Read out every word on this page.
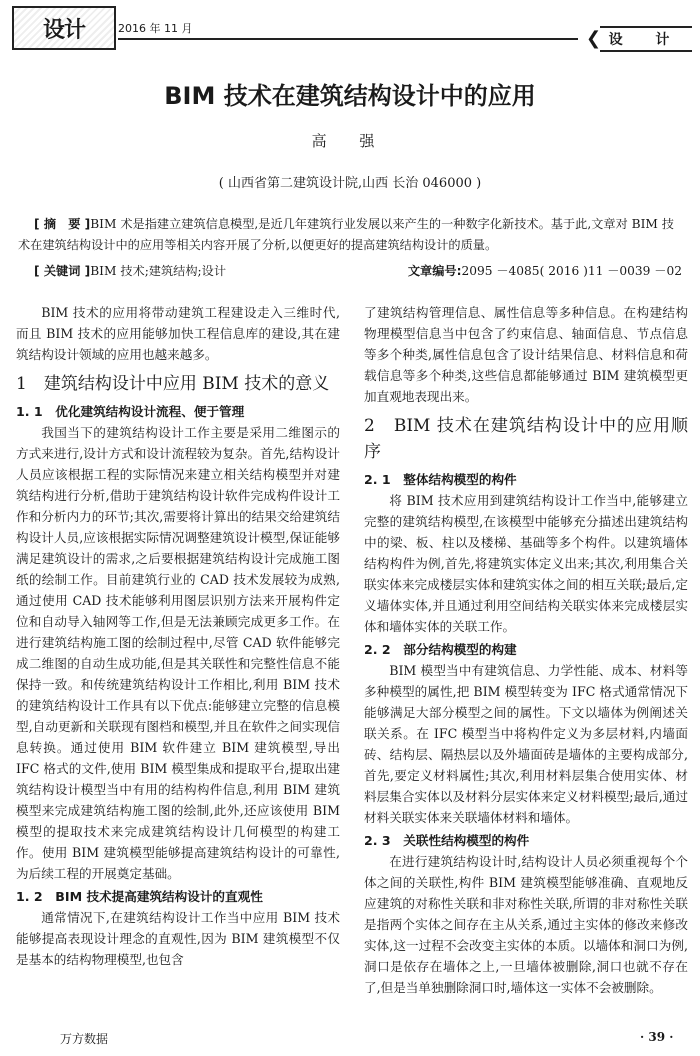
设计	2016 年 11 月	❮ 设 计
BIM 技术在建筑结构设计中的应用
高 强
( 山西省第二建筑设计院,山西 长治 046000 )
[ 摘　要 ]BIM 术是指建立建筑信息模型,是近几年建筑行业发展以来产生的一种数字化新技术。基于此,文章对 BIM 技术在建筑结构设计中的应用等相关内容开展了分析,以便更好的提高建筑结构设计的质量。
[ 关键词 ]BIM 技术;建筑结构;设计	文章编号:2095 －4085( 2016 )11 －0039 －02

BIM 技术的应用将带动建筑工程建设走入三维时代,而且 BIM 技术的应用能够加快工程信息库的建设,其在建筑结构设计领域的应用也越来越多。

1　建筑结构设计中应用 BIM 技术的意义
1. 1　优化建筑结构设计流程、便于管理

我国当下的建筑结构设计工作主要是采用二维图示的方式来进行,设计方式和设计流程较为复杂。首先,结构设计人员应该根据工程的实际情况来建立相关结构模型并对建筑结构进行分析,借助于建筑结构设计软件完成构件设计工作和分析内力的环节;其次,需要将计算出的结果交给建筑结构设计人员,应该根据实际情况调整建筑设计模型,保证能够满足建筑设计的需求,之后要根据建筑结构设计完成施工图纸的绘制工作。目前建筑行业的 CAD 技术发展较为成熟,通过使用 CAD 技术能够利用图层识别方法来开展构件定位和自动导入轴网等工作,但是无法兼顾完成更多工作。在进行建筑结构施工图的绘制过程中,尽管 CAD 软件能够完成二维图的自动生成功能,但是其关联性和完整性信息不能保持一致。和传统建筑结构设计工作相比,利用 BIM 技术的建筑结构设计工作具有以下优点:能够建立完整的信息模型,自动更新和关联现有图档和模型,并且在软件之间实现信息转换。通过使用 BIM 软件建立 BIM 建筑模型,导出 IFC 格式的文件,使用 BIM 模型集成和提取平台,提取出建筑结构设计模型当中有用的结构构件信息,利用 BIM 建筑模型来完成建筑结构施工图的绘制,此外,还应该使用 BIM 模型的提取技术来完成建筑结构设计几何模型的构建工作。使用 BIM 建筑模型能够提高建筑结构设计的可靠性,为后续工程的开展奠定基础。

1. 2　BIM 技术提高建筑结构设计的直观性

通常情况下,在建筑结构设计工作当中应用 BIM 技术能够提高表现设计理念的直观性,因为 BIM 建筑模型不仅是基本的结构物理模型,也包含

了建筑结构管理信息、属性信息等多种信息。在构建结构物理模型信息当中包含了约束信息、轴面信息、节点信息等多个种类,属性信息包含了设计结果信息、材料信息和荷载信息等多个种类,这些信息都能够通过 BIM 建筑模型更加直观地表现出来。

2　BIM 技术在建筑结构设计中的应用顺序
2. 1　整体结构模型的构件

将 BIM 技术应用到建筑结构设计工作当中,能够建立完整的建筑结构模型,在该模型中能够充分描述出建筑结构中的梁、板、柱以及楼梯、基础等多个构件。以建筑墙体结构构件为例,首先,将建筑实体定义出来;其次,利用集合关联实体来完成楼层实体和建筑实体之间的相互关联;最后,定义墙体实体,并且通过利用空间结构关联实体来完成楼层实体和墙体实体的关联工作。

2. 2　部分结构模型的构建

BIM 模型当中有建筑信息、力学性能、成本、材料等多种模型的属性,把 BIM 模型转变为 IFC 格式通常情况下能够满足大部分模型之间的属性。下文以墙体为例阐述关联关系。在 IFC 模型当中将构件定义为多层材料,内墙面砖、结构层、隔热层以及外墙面砖是墙体的主要构成部分,首先,要定义材料属性;其次,利用材料层集合使用实体、材料层集合实体以及材料分层实体来定义材料模型;最后,通过材料关联实体来关联墙体材料和墙体。

2. 3　关联性结构模型的构件

在进行建筑结构设计时,结构设计人员必须重视每个个体之间的关联性,构件 BIM 建筑模型能够准确、直观地反应建筑的对称性关联和非对称性关联,所谓的非对称性关联是指两个实体之间存在主从关系,通过主实体的修改来修改实体,这一过程不会改变主实体的本质。以墙体和洞口为例,洞口是依存在墙体之上,一旦墙体被删除,洞口也就不存在了,但是当单独删除洞口时,墙体这一实体不会被删除。

万方数据	· 39 ·
